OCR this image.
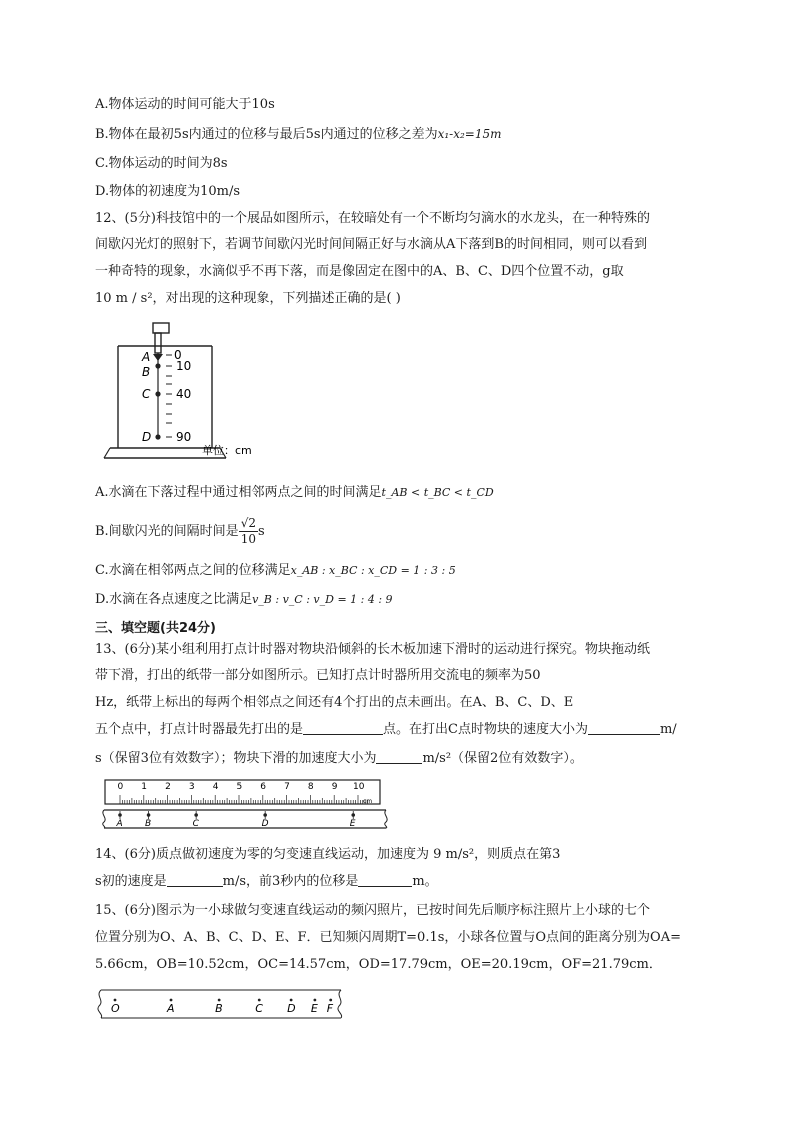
A.物体运动的时间可能大于10s
B.物体在最初5s内通过的位移与最后5s内通过的位移之差为x₁-x₂=15m
C.物体运动的时间为8s
D.物体的初速度为10m/s
12、(5分)科技馆中的一个展品如图所示，在较暗处有一个不断均匀滴水的水龙头，在一种特殊的
间歇闪光灯的照射下，若调节间歇闪光时间间隔正好与水滴从A下落到B的时间相同，则可以看到
一种奇特的现象，水滴似乎不再下落，而是像固定在图中的A、B、C、D四个位置不动，g取
10 m / s²，对出现的这种现象，下列描述正确的是( )
0
10
40
90
A
B
C
D
单位：cm
A.水滴在下落过程中通过相邻两点之间的时间满足t_AB < t_BC < t_CD
B.间歇闪光的间隔时间是 $\frac{√2}{10}$ s
C.水滴在相邻两点之间的位移满足x_AB : x_BC : x_CD = 1 : 3 : 5
D.水滴在各点速度之比满足v_B : v_C : v_D = 1 : 4 : 9
三、填空题(共24分)
13、(6分)某小组利用打点计时器对物块沿倾斜的长木板加速下滑时的运动进行探究。物块拖动纸
带下滑，打出的纸带一部分如图所示。已知打点计时器所用交流电的频率为50
Hz，纸带上标出的每两个相邻点之间还有4个打出的点未画出。在A、B、C、D、E
五个点中，打点计时器最先打出的是	点。在打出C点时物块的速度大小为	m/
s（保留3位有效数字）；物块下滑的加速度大小为	m/s²（保留2位有效数字）。
0 1 2 3 4 5 6 7 8 9 10
cm
A B	C	D	E
14、(6分)质点做初速度为零的匀变速直线运动，加速度为 9 m/s²，则质点在第3
s初的速度是	m/s，前3秒内的位移是	m。
15、(6分)图示为一小球做匀变速直线运动的频闪照片，已按时间先后顺序标注照片上小球的七个
位置分别为O、A、B、C、D、E、F．已知频闪周期T=0.1s，小球各位置与O点间的距离分别为OA=
5.66cm，OB=10.52cm，OC=14.57cm，OD=17.79cm，OE=20.19cm，OF=21.79cm．
O	A	B	C D E F
